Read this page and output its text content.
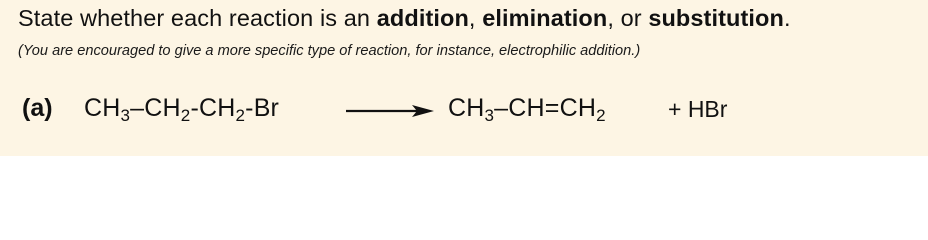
State whether each reaction is an addition, elimination, or substitution.
(You are encouraged to give a more specific type of reaction, for instance, electrophilic addition.)
(a) $CH_3-CH_2-CH_2-Br$	$CH_3-CH=CH_2$	+ HBr
